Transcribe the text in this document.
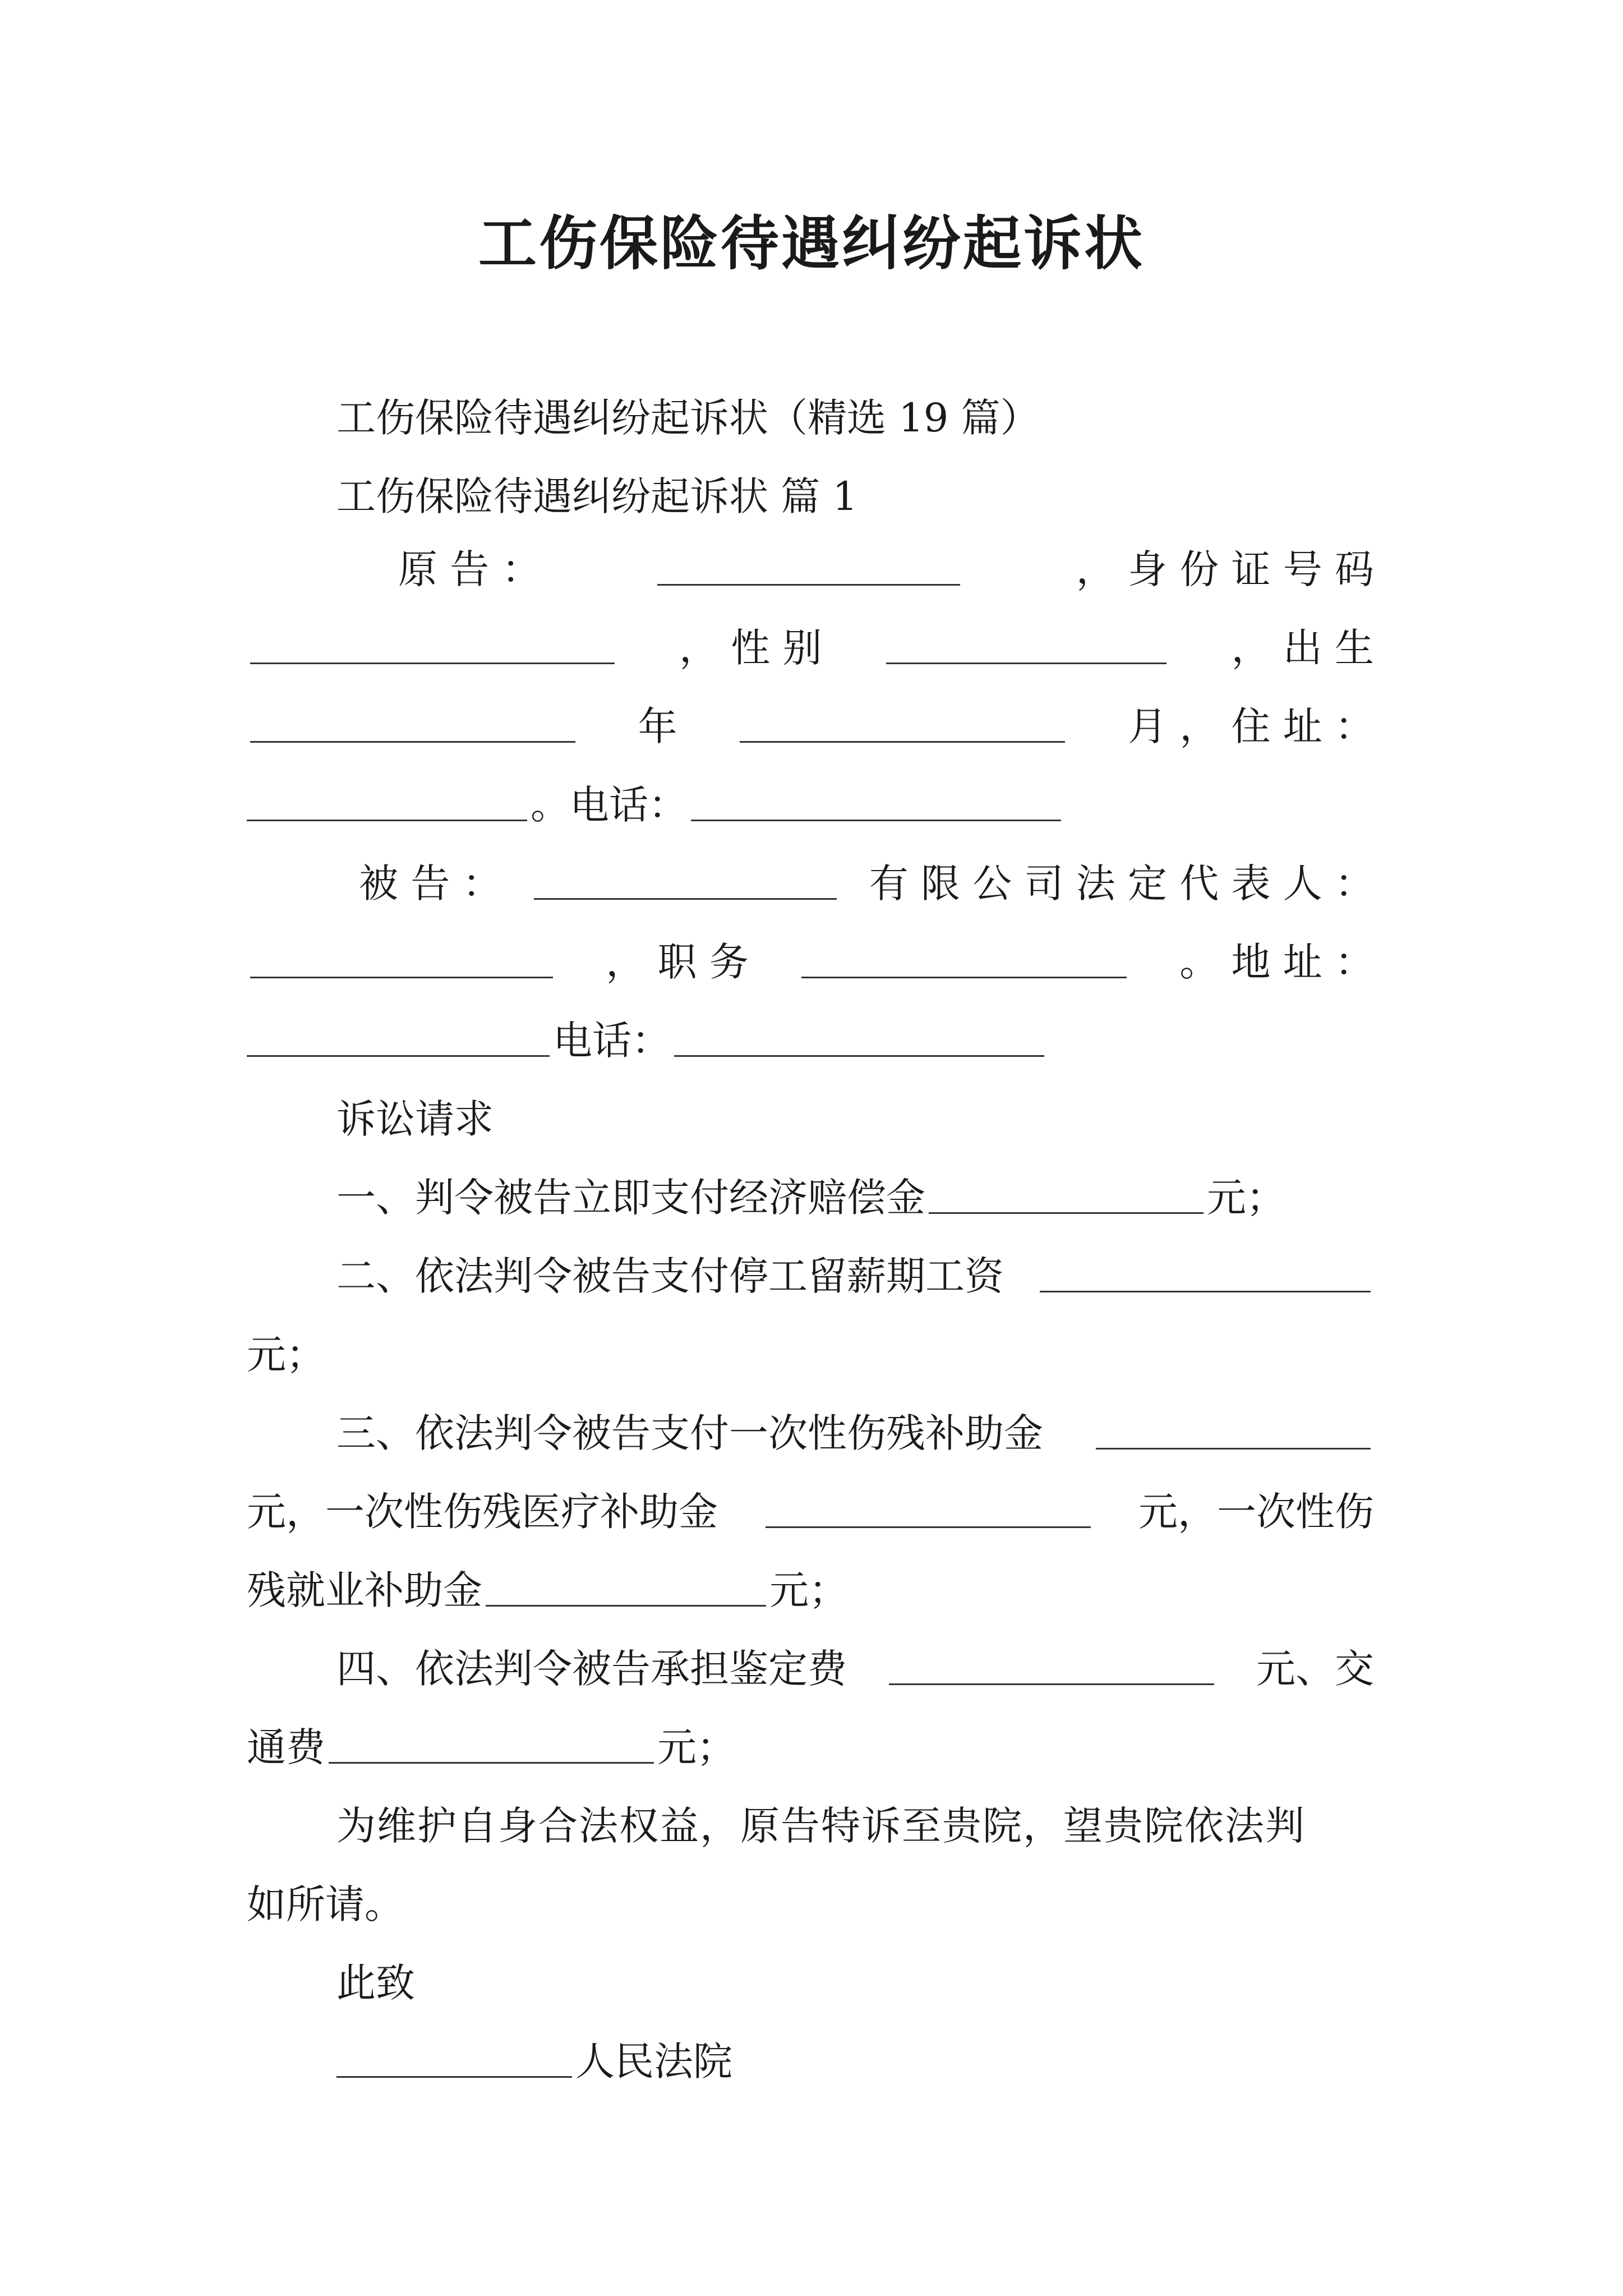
工伤保险待遇纠纷起诉状
工伤保险待遇纠纷起诉状（精选 19 篇）
工伤保险待遇纠纷起诉状 篇 1
原 告 ：	， 身 份 证 号 码
， 性 别	， 出 生
年	月 ， 住 址 ：
。电话：
被 告 ：	有 限 公 司 法 定 代 表 人 ：
， 职 务	。 地 址 ：
电话：
诉讼请求
一、判令被告立即支付经济赔偿金	元；
二、依法判令被告支付停工留薪期工资
元；
三、依法判令被告支付一次性伤残补助金
元，一次性伤残医疗补助金	元，一次性伤
残就业补助金	元；
四、依法判令被告承担鉴定费	元、交
通费	元；
为维护自身合法权益，原告特诉至贵院，望贵院依法判
如所请。
此致
人民法院
